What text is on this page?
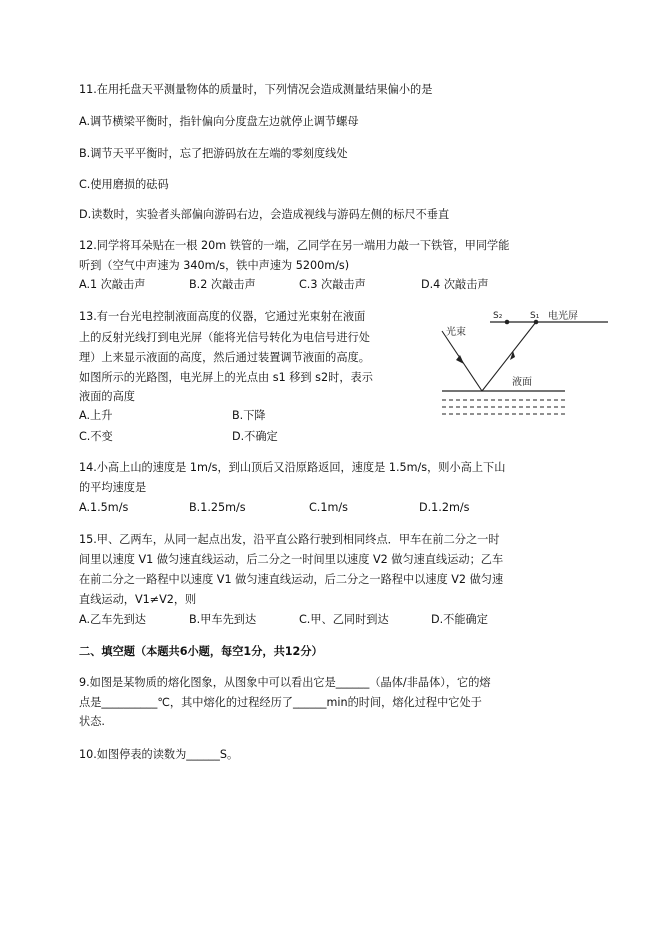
11.在用托盘天平测量物体的质量时，下列情况会造成测量结果偏小的是
A.调节横梁平衡时，指针偏向分度盘左边就停止调节螺母
B.调节天平平衡时，忘了把游码放在左端的零刻度线处
C.使用磨损的砝码
D.读数时，实验者头部偏向游码右边，会造成视线与游码左侧的标尺不垂直
12.同学将耳朵贴在一根 20m 铁管的一端，乙同学在另一端用力敲一下铁管，甲同学能
听到（空气中声速为 340m/s，铁中声速为 5200m/s)
A.1 次敲击声	B.2 次敲击声	C.3 次敲击声	D.4 次敲击声
13.有一台光电控制液面高度的仪器，它通过光束射在液面
上的反射光线打到电光屏（能将光信号转化为电信号进行处
理）上来显示液面的高度，然后通过装置调节液面的高度。
如图所示的光路图，电光屏上的光点由 s1 移到 s2时，表示
液面的高度
A.上升	B.下降
C.不变	D.不确定
S₂	S₁ 电光屏
光束
液面
14.小高上山的速度是 1m/s，到山顶后又沿原路返回，速度是 1.5m/s，则小高上下山
的平均速度是
A.1.5m/s	B.1.25m/s	C.1m/s	D.1.2m/s
15.甲、乙两车，从同一起点出发，沿平直公路行驶到相同终点．甲车在前二分之一时
间里以速度 V1 做匀速直线运动，后二分之一时间里以速度 V2 做匀速直线运动；乙车
在前二分之一路程中以速度 V1 做匀速直线运动，后二分之一路程中以速度 V2 做匀速
直线运动，V1≠V2，则
A.乙车先到达	B.甲车先到达	C.甲、乙同时到达	D.不能确定
二、填空题（本题共6小题，每空1分，共12分）
9.如图是某物质的熔化图象，从图象中可以看出它是______（晶体/非晶体），它的熔
点是__________℃，其中熔化的过程经历了______min的时间，熔化过程中它处于
状态.
10.如图停表的读数为______S。
